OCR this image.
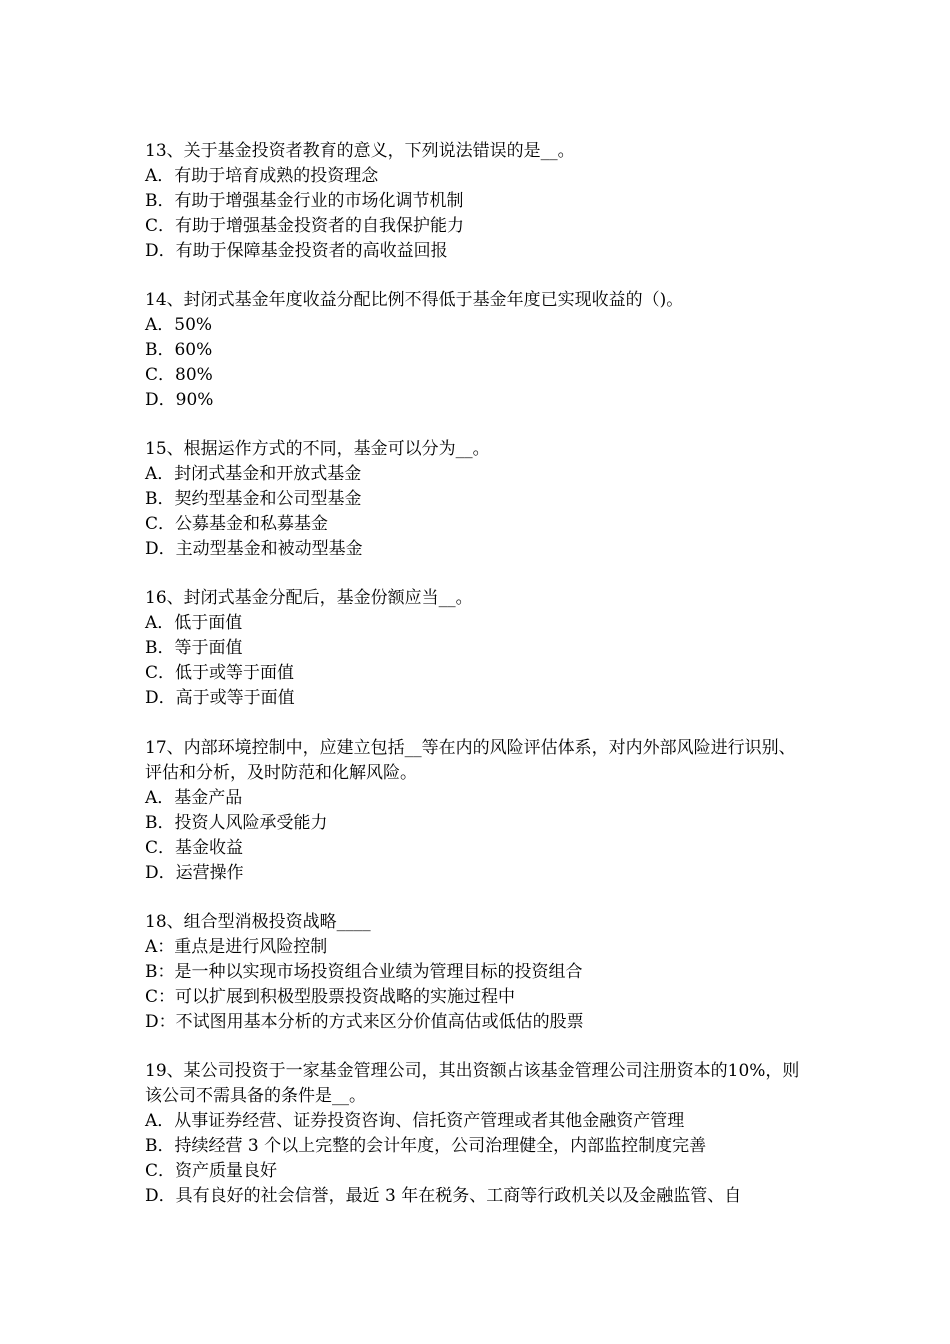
13、关于基金投资者教育的意义，下列说法错误的是__。

A．有助于培育成熟的投资理念

B．有助于增强基金行业的市场化调节机制

C．有助于增强基金投资者的自我保护能力

D．有助于保障基金投资者的高收益回报

14、封闭式基金年度收益分配比例不得低于基金年度已实现收益的（)。

A．50%

B．60%

C．80%

D．90%

15、根据运作方式的不同，基金可以分为__。

A．封闭式基金和开放式基金

B．契约型基金和公司型基金

C．公募基金和私募基金

D．主动型基金和被动型基金

16、封闭式基金分配后，基金份额应当__。

A．低于面值

B．等于面值

C．低于或等于面值

D．高于或等于面值

17、内部环境控制中，应建立包括__等在内的风险评估体系，对内外部风险进行识别、评估和分析，及时防范和化解风险。

A．基金产品

B．投资人风险承受能力

C．基金收益

D．运营操作

18、组合型消极投资战略____

A：重点是进行风险控制

B：是一种以实现市场投资组合业绩为管理目标的投资组合

C：可以扩展到积极型股票投资战略的实施过程中

D：不试图用基本分析的方式来区分价值高估或低估的股票

19、某公司投资于一家基金管理公司，其出资额占该基金管理公司注册资本的10%，则该公司不需具备的条件是__。

A．从事证券经营、证券投资咨询、信托资产管理或者其他金融资产管理

B．持续经营 3 个以上完整的会计年度，公司治理健全，内部监控制度完善

C．资产质量良好

D．具有良好的社会信誉，最近 3 年在税务、工商等行政机关以及金融监管、自
